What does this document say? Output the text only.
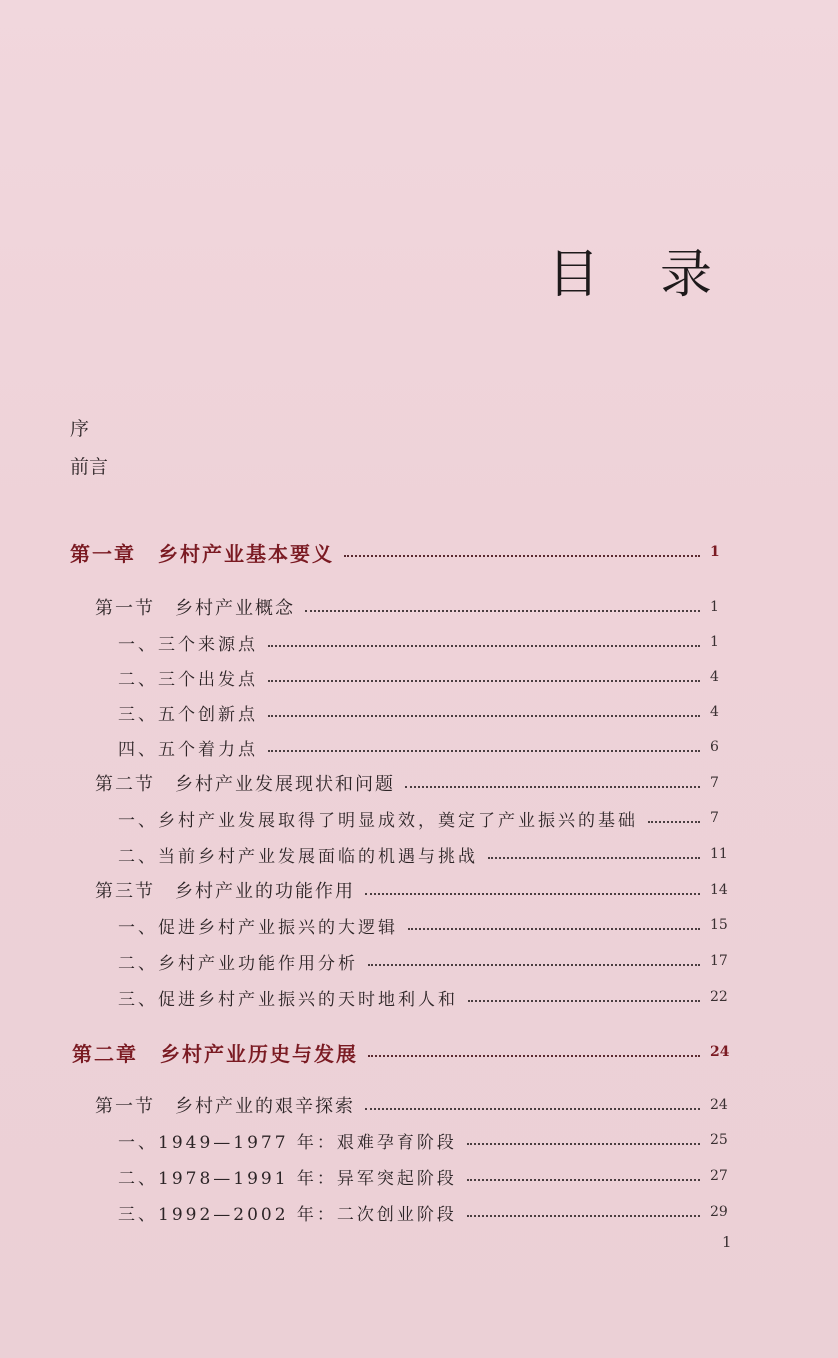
目 录
序
前言
第一章　乡村产业基本要义	1
第一节　乡村产业概念	1
一、三个来源点	1
二、三个出发点	4
三、五个创新点	4
四、五个着力点	6
第二节　乡村产业发展现状和问题	7
一、乡村产业发展取得了明显成效，奠定了产业振兴的基础	7
二、当前乡村产业发展面临的机遇与挑战	11
第三节　乡村产业的功能作用	14
一、促进乡村产业振兴的大逻辑	15
二、乡村产业功能作用分析	17
三、促进乡村产业振兴的天时地利人和	22
第二章　乡村产业历史与发展	24
第一节　乡村产业的艰辛探索	24
一、1949—1977 年：艰难孕育阶段	25
二、1978—1991 年：异军突起阶段	27
三、1992—2002 年：二次创业阶段	29
1
